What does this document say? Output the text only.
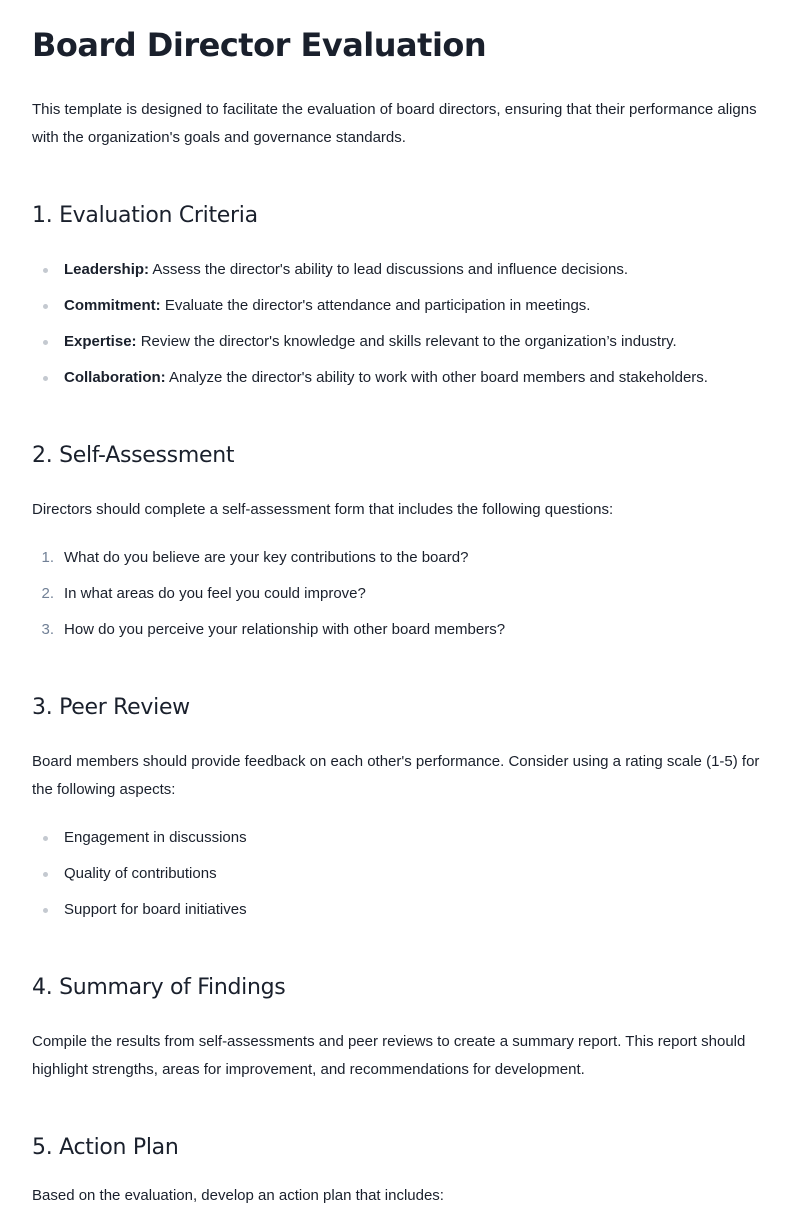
Board Director Evaluation

This template is designed to facilitate the evaluation of board directors, ensuring that their performance aligns with the organization's goals and governance standards.

1. Evaluation Criteria
Leadership: Assess the director's ability to lead discussions and influence decisions.
Commitment: Evaluate the director's attendance and participation in meetings.
Expertise: Review the director's knowledge and skills relevant to the organization’s industry.
Collaboration: Analyze the director's ability to work with other board members and stakeholders.
2. Self-Assessment

Directors should complete a self-assessment form that includes the following questions:

1. What do you believe are your key contributions to the board?
2. In what areas do you feel you could improve?
3. How do you perceive your relationship with other board members?
3. Peer Review

Board members should provide feedback on each other's performance. Consider using a rating scale (1-5) for the following aspects:

Engagement in discussions
Quality of contributions
Support for board initiatives
4. Summary of Findings

Compile the results from self-assessments and peer reviews to create a summary report. This report should highlight strengths, areas for improvement, and recommendations for development.

5. Action Plan

Based on the evaluation, develop an action plan that includes:
